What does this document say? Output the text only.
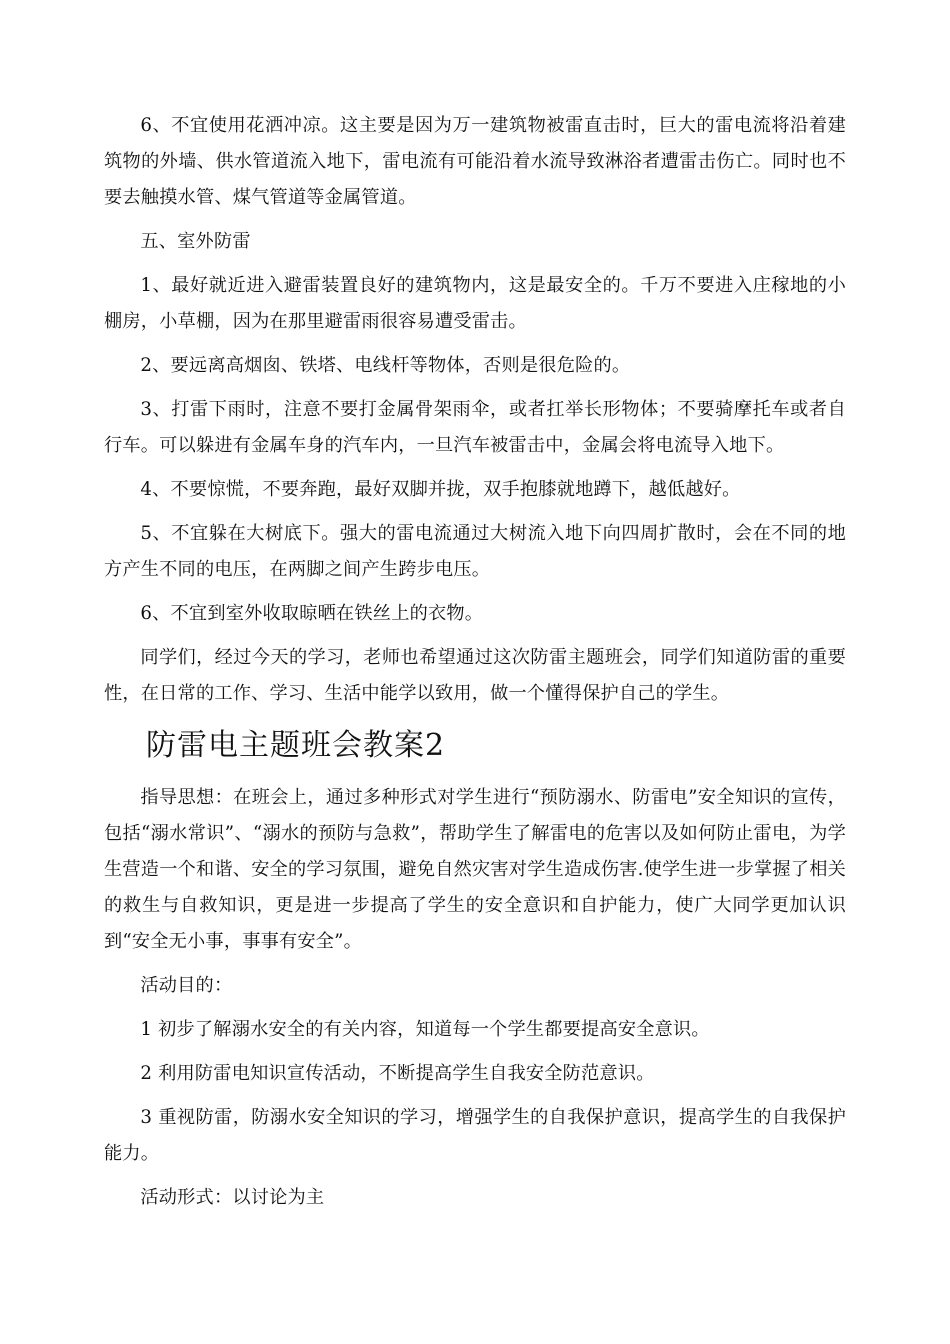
6、不宜使用花洒冲凉。这主要是因为万一建筑物被雷直击时，巨大的雷电流将沿着建筑物的外墙、供水管道流入地下，雷电流有可能沿着水流导致淋浴者遭雷击伤亡。同时也不要去触摸水管、煤气管道等金属管道。

五、室外防雷

1、最好就近进入避雷装置良好的建筑物内，这是最安全的。千万不要进入庄稼地的小棚房，小草棚，因为在那里避雷雨很容易遭受雷击。

2、要远离高烟囱、铁塔、电线杆等物体，否则是很危险的。

3、打雷下雨时，注意不要打金属骨架雨伞，或者扛举长形物体；不要骑摩托车或者自行车。可以躲进有金属车身的汽车内，一旦汽车被雷击中，金属会将电流导入地下。

4、不要惊慌，不要奔跑，最好双脚并拢，双手抱膝就地蹲下，越低越好。

5、不宜躲在大树底下。强大的雷电流通过大树流入地下向四周扩散时，会在不同的地方产生不同的电压，在两脚之间产生跨步电压。

6、不宜到室外收取晾晒在铁丝上的衣物。

同学们，经过今天的学习，老师也希望通过这次防雷主题班会，同学们知道防雷的重要性，在日常的工作、学习、生活中能学以致用，做一个懂得保护自己的学生。

防雷电主题班会教案2

指导思想：在班会上，通过多种形式对学生进行“预防溺水、防雷电”安全知识的宣传，包括“溺水常识”、“溺水的预防与急救”，帮助学生了解雷电的危害以及如何防止雷电，为学生营造一个和谐、安全的学习氛围，避免自然灾害对学生造成伤害.使学生进一步掌握了相关的救生与自救知识，更是进一步提高了学生的安全意识和自护能力，使广大同学更加认识到“安全无小事，事事有安全”。

活动目的：

1 初步了解溺水安全的有关内容，知道每一个学生都要提高安全意识。

2 利用防雷电知识宣传活动，不断提高学生自我安全防范意识。

3 重视防雷，防溺水安全知识的学习，增强学生的自我保护意识，提高学生的自我保护能力。

活动形式：以讨论为主
